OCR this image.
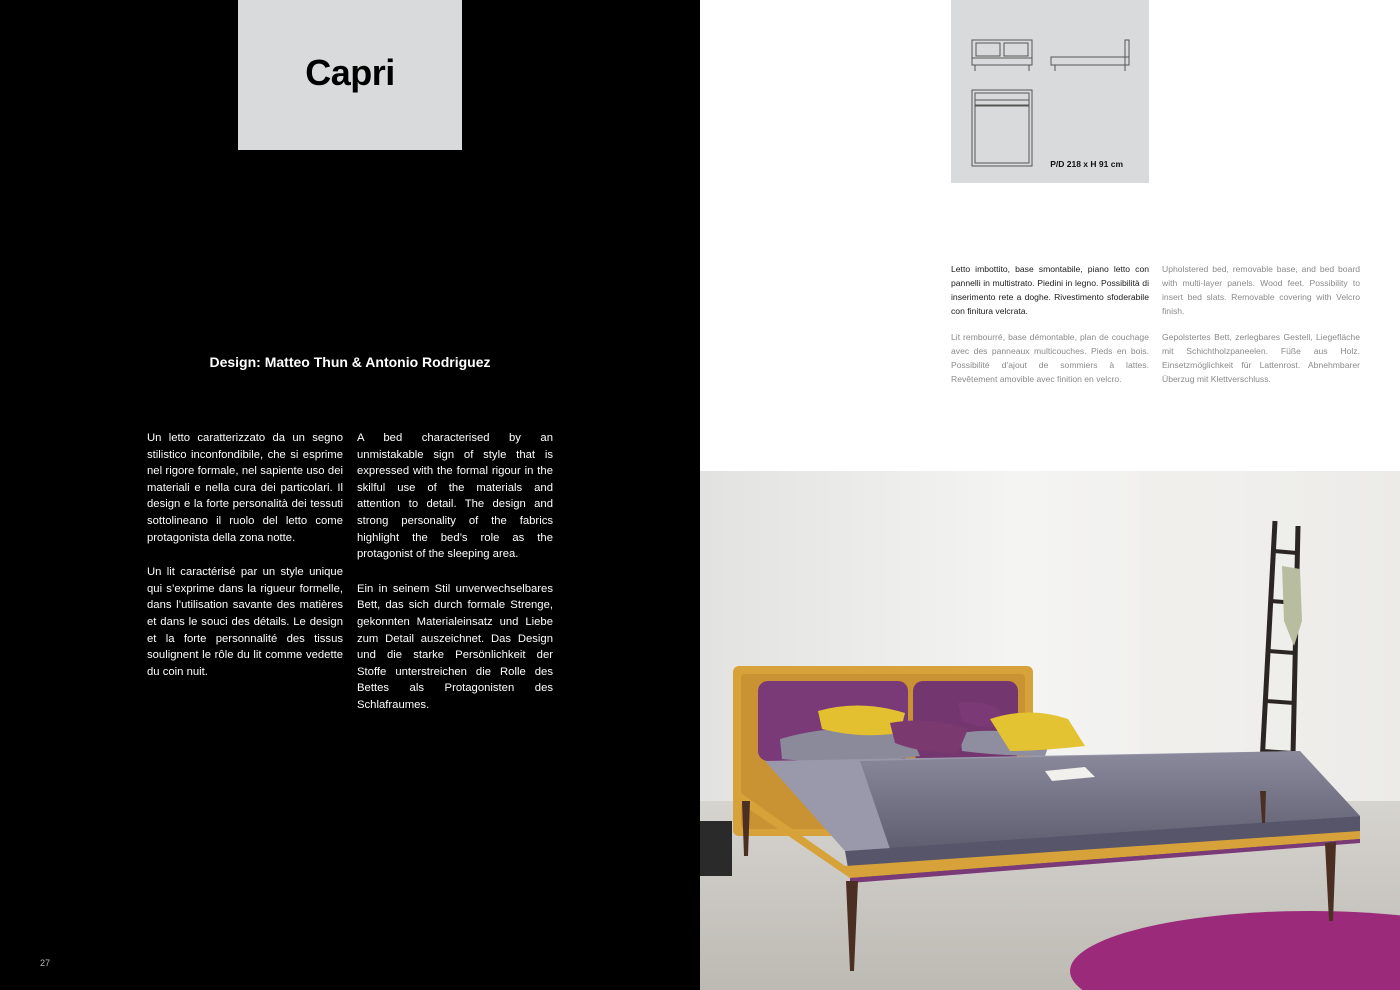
Capri
Design: Matteo Thun & Antonio Rodriguez

Un letto caratterizzato da un segno stilistico inconfondibile, che si esprime nel rigore formale, nel sapiente uso dei materiali e nella cura dei particolari. Il design e la forte personalità dei tessuti sottolineano il ruolo del letto come protagonista della zona notte.

Un lit caractérisé par un style unique qui s’exprime dans la rigueur formelle, dans l’utilisation savante des matières et dans le souci des détails. Le design et la forte personnalité des tissus soulignent le rôle du lit comme vedette du coin nuit.

A bed characterised by an unmistakable sign of style that is expressed with the formal rigour in the skilful use of the materials and attention to detail. The design and strong personality of the fabrics highlight the bed’s role as the protagonist of the sleeping area.

Ein in seinem Stil unverwechselbares Bett, das sich durch formale Strenge, gekonnten Materialeinsatz und Liebe zum Detail auszeichnet. Das Design und die starke Persönlichkeit der Stoffe unterstreichen die Rolle des Bettes als Protagonisten des Schlafraumes.

27
P/D 218 x H 91 cm
Letto imbottito, base smontabile, piano letto con pannelli in multistrato. Piedini in legno. Possibilità di inserimento rete a doghe. Rivestimento sfoderabile con finitura velcrata.
Upholstered bed, removable base, and bed board with multi-layer panels. Wood feet. Possibility to insert bed slats. Removable covering with Velcro finish.
Lit rembourré, base démontable, plan de couchage avec des panneaux multicouches. Pieds en bois. Possibilité d’ajout de sommiers à lattes. Revêtement amovible avec finition en velcro.
Gepolstertes Bett, zerlegbares Gestell, Liegefläche mit Schichtholzpaneelen. Füße aus Holz. Einsetzmöglichkeit für Lattenrost. Abnehmbarer Überzug mit Klettverschluss.
